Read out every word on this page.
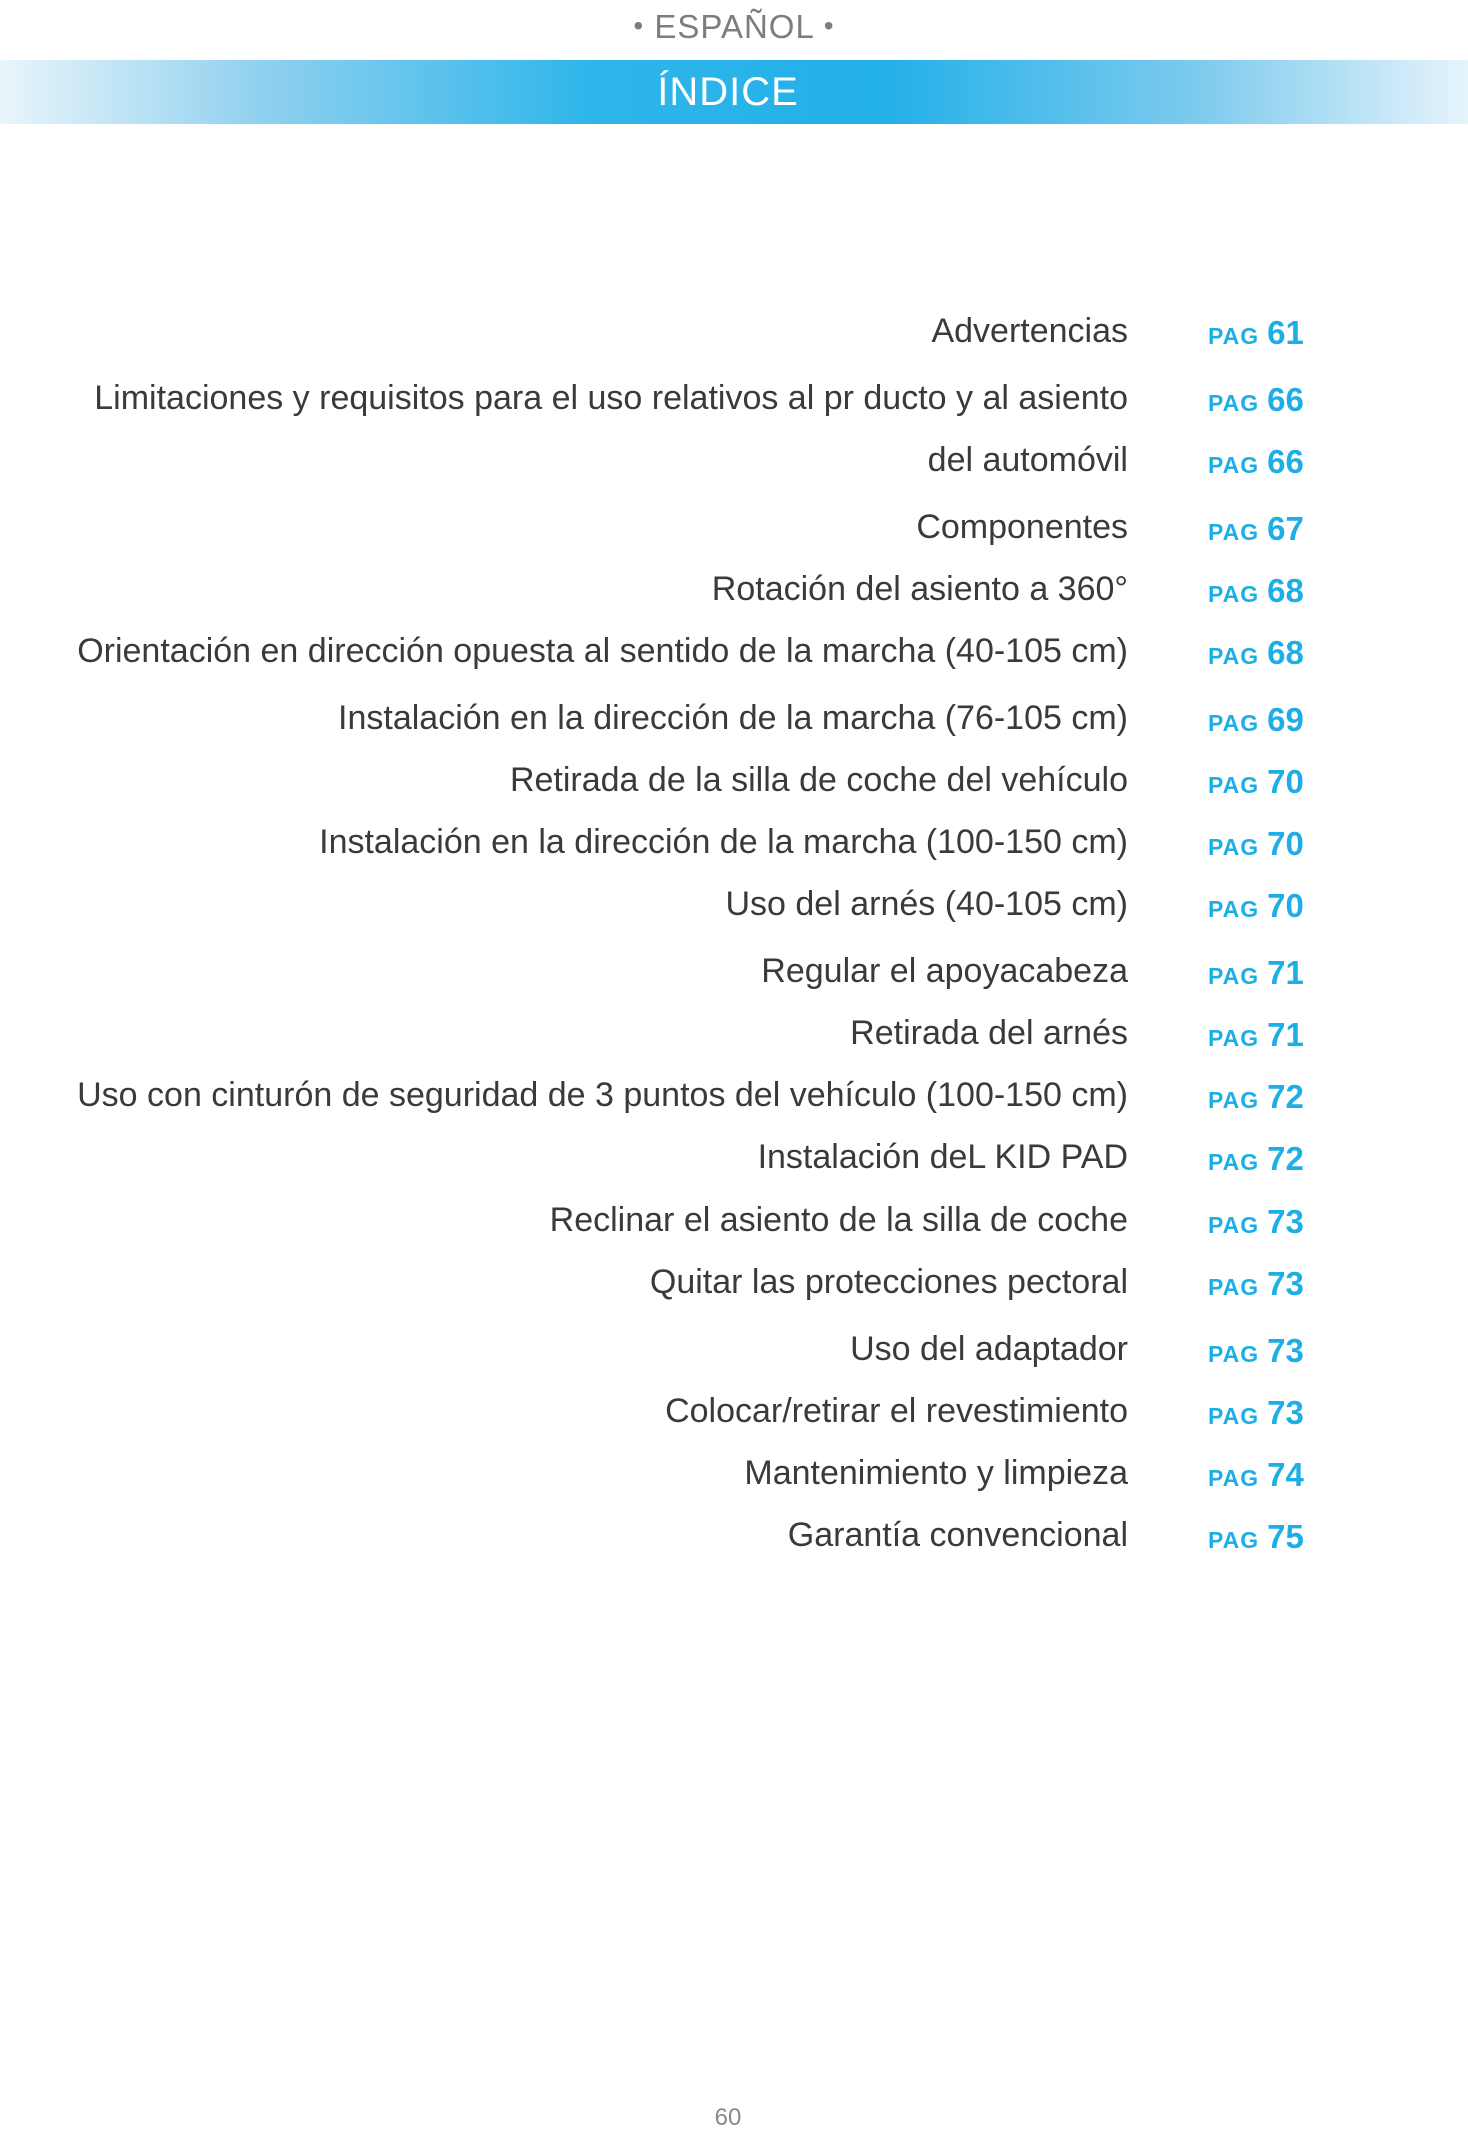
• ESPAÑOL •
ÍNDICE
Advertencias	PAG 61
Limitaciones y requisitos para el uso relativos al pr ducto y al asiento	PAG 66
del automóvil	PAG 66
Componentes	PAG 67
Rotación del asiento a 360°	PAG 68
Orientación en dirección opuesta al sentido de la marcha (40-105 cm)	PAG 68
Instalación en la dirección de la marcha (76-105 cm)	PAG 69
Retirada de la silla de coche del vehículo	PAG 70
Instalación en la dirección de la marcha (100-150 cm)	PAG 70
Uso del arnés (40-105 cm)	PAG 70
Regular el apoyacabeza	PAG 71
Retirada del arnés	PAG 71
Uso con cinturón de seguridad de 3 puntos del vehículo (100-150 cm)	PAG 72
Instalación deL KID PAD	PAG 72
Reclinar el asiento de la silla de coche	PAG 73
Quitar las protecciones pectoral	PAG 73
Uso del adaptador	PAG 73
Colocar/retirar el revestimiento	PAG 73
Mantenimiento y limpieza	PAG 74
Garantía convencional	PAG 75
60
